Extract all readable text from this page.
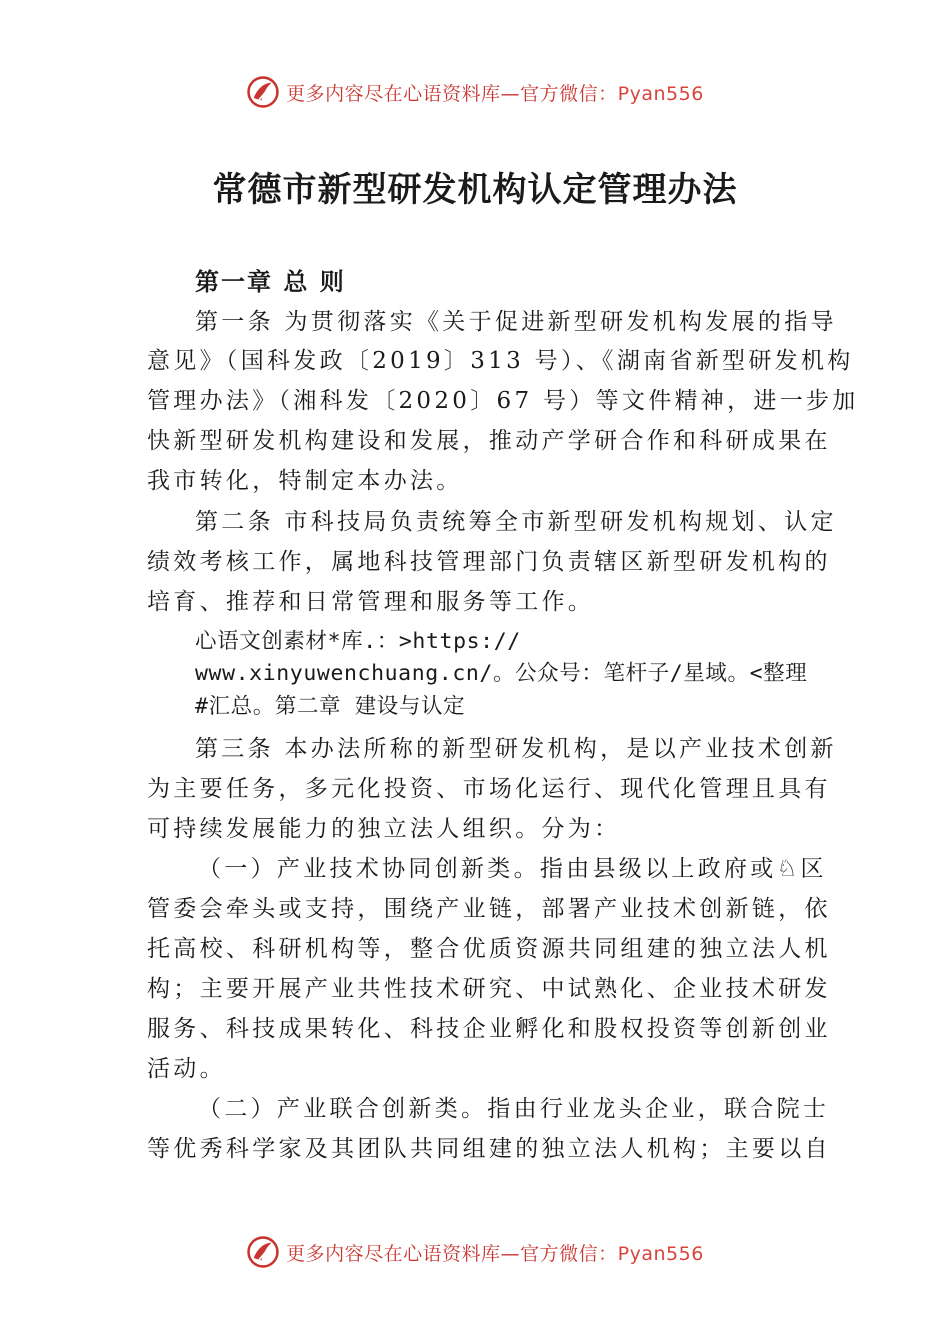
更多内容尽在心语资料库—官方微信：Pyan556
常德市新型研发机构认定管理办法
第一章 总 则
第一条 为贯彻落实《关于促进新型研发机构发展的指导
意见》（国科发政〔2019〕313 号）、《湖南省新型研发机构
管理办法》（湘科发〔2020〕67 号）等文件精神，进一步加
快新型研发机构建设和发展，推动产学研合作和科研成果在
我市转化，特制定本办法。
第二条 市科技局负责统筹全市新型研发机构规划、认定
绩效考核工作，属地科技管理部门负责辖区新型研发机构的
培育、推荐和日常管理和服务等工作。
心语文创素材*库.：>https://
www.xinyuwenchuang.cn/。公众号：笔杆子/星域。<整理
#汇总。第二章 建设与认定
第三条 本办法所称的新型研发机构，是以产业技术创新
为主要任务，多元化投资、市场化运行、现代化管理且具有
可持续发展能力的独立法人组织。分为：
（一）产业技术协同创新类。指由县级以上政府或♘区
管委会牵头或支持，围绕产业链，部署产业技术创新链，依
托高校、科研机构等，整合优质资源共同组建的独立法人机
构；主要开展产业共性技术研究、中试熟化、企业技术研发
服务、科技成果转化、科技企业孵化和股权投资等创新创业
活动。
（二）产业联合创新类。指由行业龙头企业，联合院士
等优秀科学家及其团队共同组建的独立法人机构；主要以自
更多内容尽在心语资料库—官方微信：Pyan556
